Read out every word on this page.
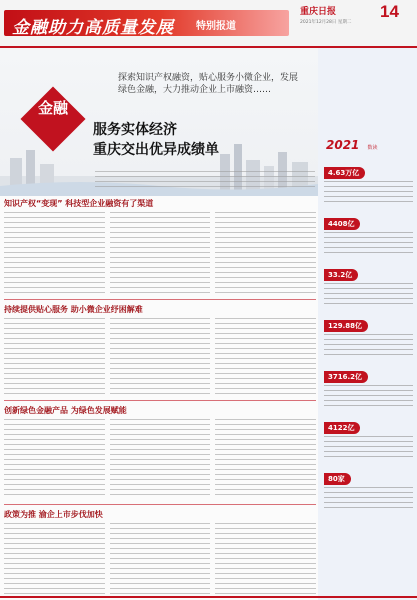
金融助力高质量发展 特别报道
重庆日报	14
2021年12月28日 星期二
探索知识产权融资，贴心服务小微企业，发展绿色金融，大力推动企业上市融资……
金融
服务实体经济
重庆交出优异成绩单
知识产权“变现” 科技型企业融资有了渠道
持续提供贴心服务 助小微企业纾困解难
创新绿色金融产品 为绿色发展赋能
政策为推 渝企上市步伐加快
2021 数读
4.63万亿
4408亿
33.2亿
129.88亿
3716.2亿
4122亿
80家
